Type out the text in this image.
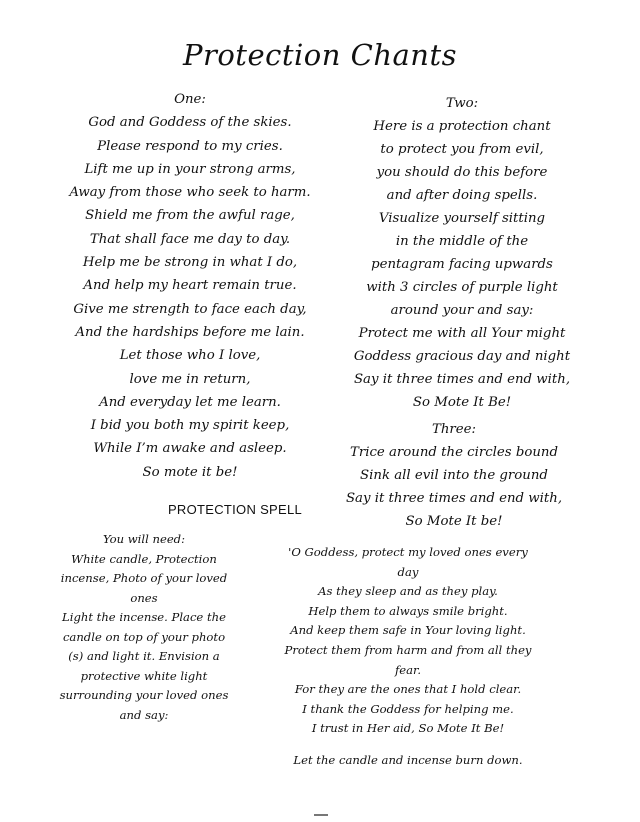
Protection Chants
One:
God and Goddess of the skies.
Please respond to my cries.
Lift me up in your strong arms,
Away from those who seek to harm.
Shield me from the awful rage,
That shall face me day to day.
Help me be strong in what I do,
And help my heart remain true.
Give me strength to face each day,
And the hardships before me lain.
Let those who I love,
love me in return,
And everyday let me learn.
I bid you both my spirit keep,
While I’m awake and asleep.
So mote it be!
Two:
Here is a protection chant
to protect you from evil,
you should do this before
and after doing spells.
Visualize yourself sitting
in the middle of the
pentagram facing upwards
with 3 circles of purple light
around your and say:
Protect me with all Your might
Goddess gracious day and night
Say it three times and end with,
So Mote It Be!
Three:
Trice around the circles bound
Sink all evil into the ground
Say it three times and end with,
So Mote It be!
PROTECTION SPELL
You will need:
White candle, Protection
incense, Photo of your loved
ones
Light the incense. Place the
candle on top of your photo
(s) and light it. Envision a
protective white light
surrounding your loved ones
and say:
'O Goddess, protect my loved ones every
day
As they sleep and as they play.
Help them to always smile bright.
And keep them safe in Your loving light.
Protect them from harm and from all they
fear.
For they are the ones that I hold clear.
I thank the Goddess for helping me.
I trust in Her aid, So Mote It Be!
Let the candle and incense burn down.
